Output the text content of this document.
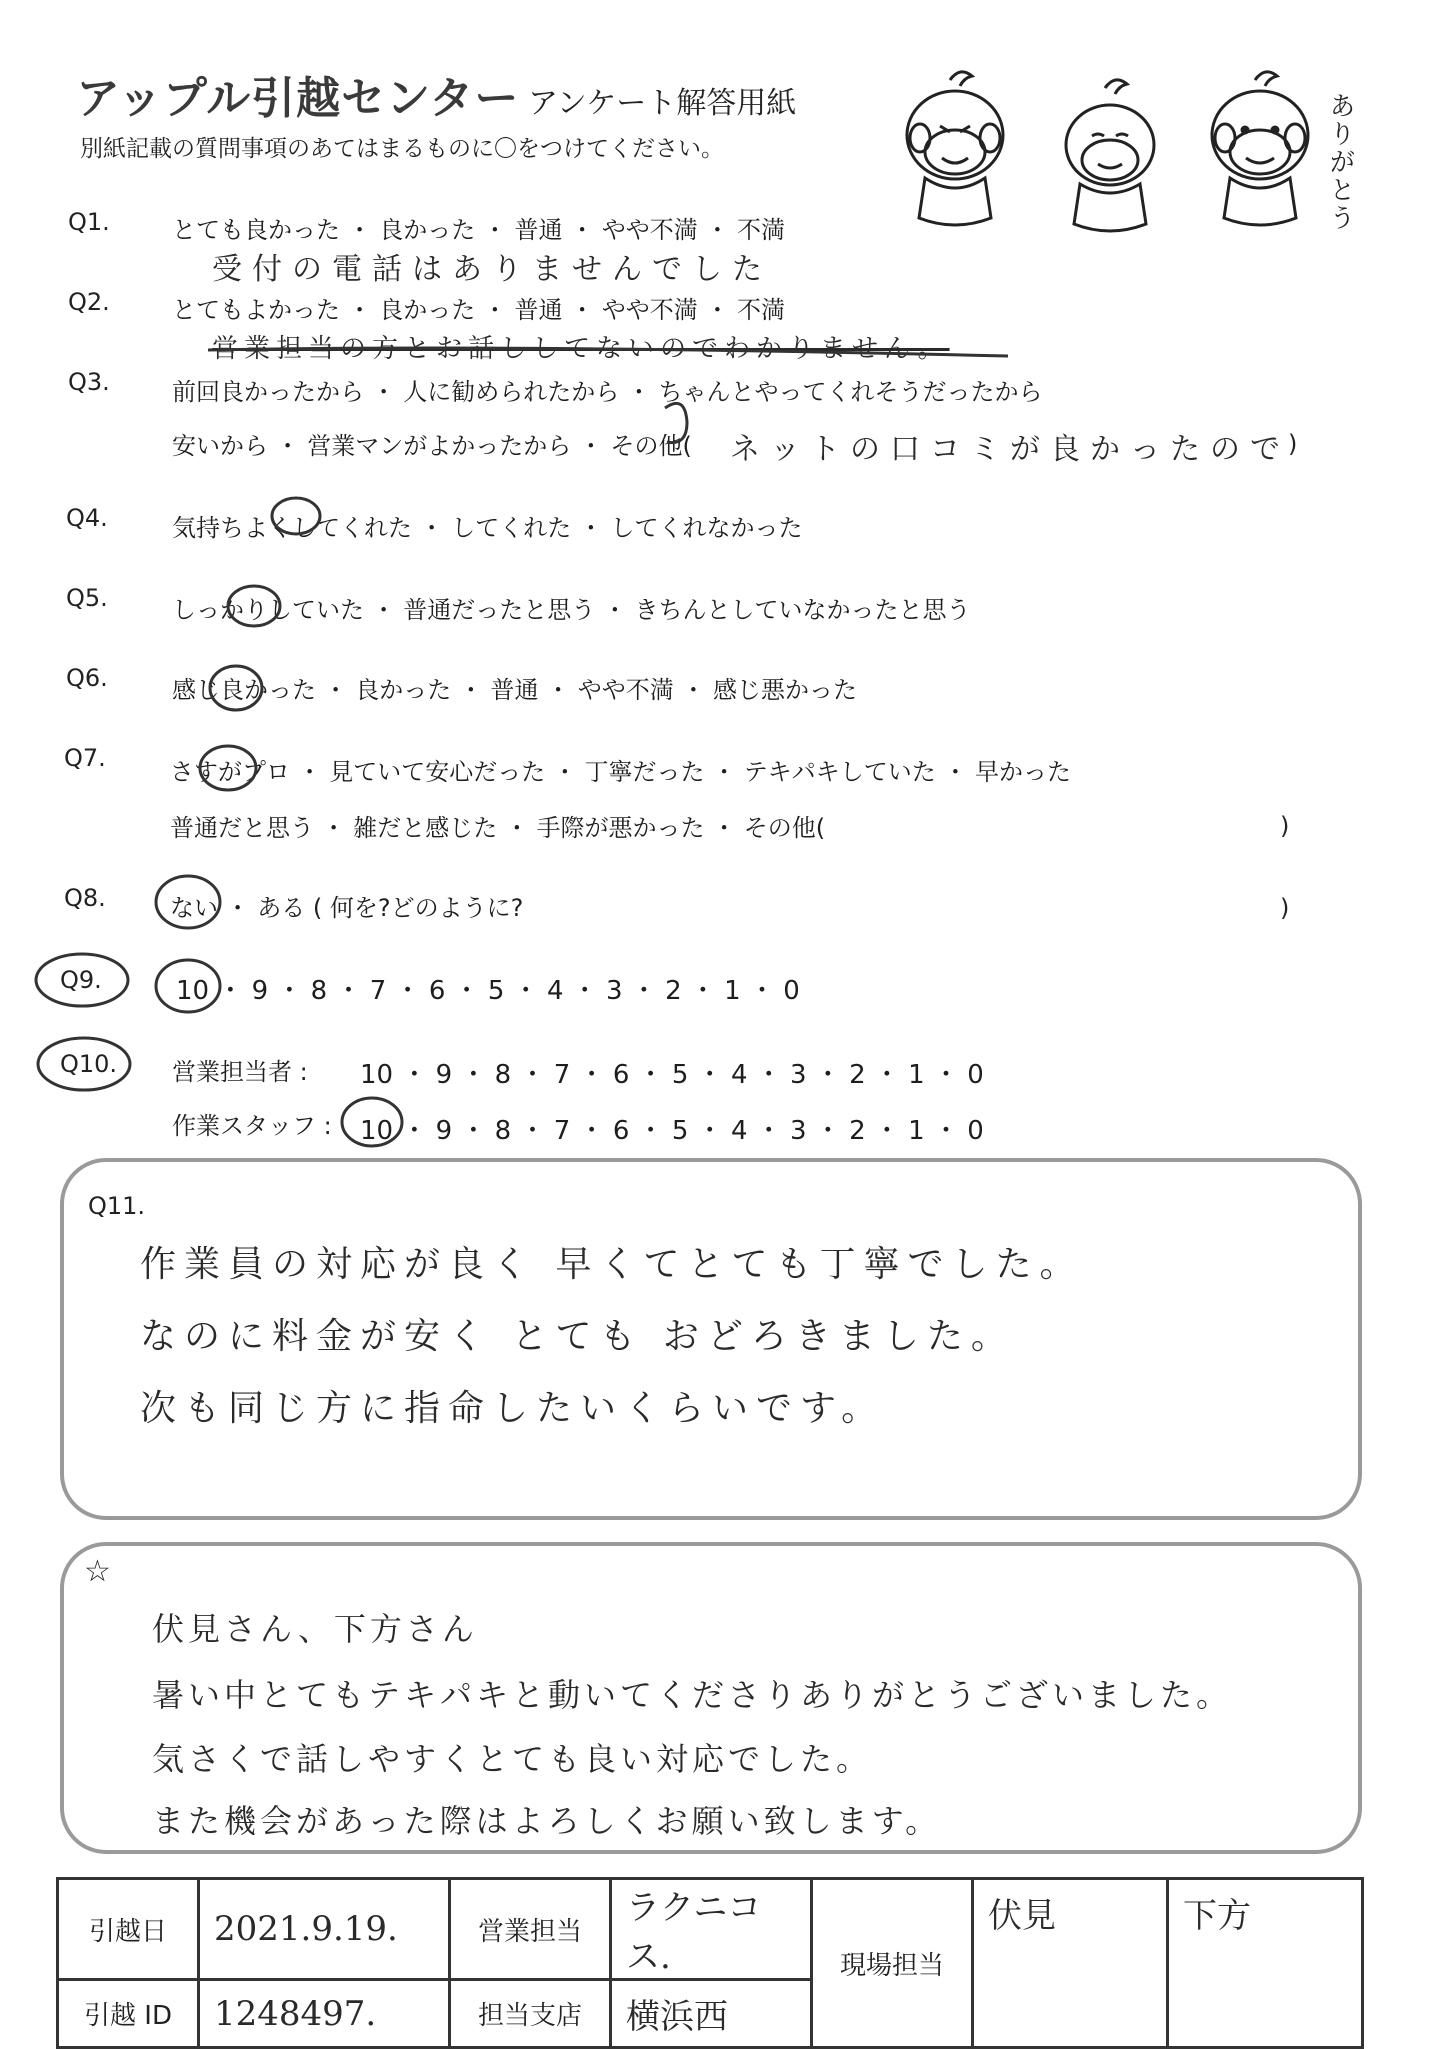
アップル引越センター アンケート解答用紙
別紙記載の質問事項のあてはまるものに〇をつけてください。	ありがとう
Q1.	とても良かった ・ 良かった ・ 普通 ・ やや不満 ・ 不満
受付の電話はありませんでした
Q2.	とてもよかった ・ 良かった ・ 普通 ・ やや不満 ・ 不満
営業担当の方とお話ししてないのでわかりません。
Q3.	前回良かったから ・ 人に勧められたから ・ ちゃんとやってくれそうだったから
安いから ・ 営業マンがよかったから ・ その他( ネットの口コミが良かったので
)
Q4.	気持ちよくしてくれた ・ してくれた ・ してくれなかった
Q5.	しっかりしていた ・ 普通だったと思う ・ きちんとしていなかったと思う
Q6.	感じ良かった ・ 良かった ・ 普通 ・ やや不満 ・ 感じ悪かった
Q7.	さすがプロ ・ 見ていて安心だった ・ 丁寧だった ・ テキパキしていた ・ 早かった
普通だと思う ・ 雑だと感じた ・ 手際が悪かった ・ その他(	)
Q8.	ない ・ ある ( 何を?どのように?	)
Q9.	10 ・ 9 ・ 8 ・ 7 ・ 6 ・ 5 ・ 4 ・ 3 ・ 2 ・ 1 ・ 0
Q10. 営業担当者 : 10 ・ 9 ・ 8 ・ 7 ・ 6 ・ 5 ・ 4 ・ 3 ・ 2 ・ 1 ・ 0
作業スタッフ : 10 ・ 9 ・ 8 ・ 7 ・ 6 ・ 5 ・ 4 ・ 3 ・ 2 ・ 1 ・ 0
Q11.
作業員の対応が良く 早くてとても丁寧でした。
なのに料金が安く とても おどろきました。
次も同じ方に指命したいくらいです。
☆
伏見さん、下方さん
暑い中とてもテキパキと動いてくださりありがとうございました。
気さくで話しやすくとても良い対応でした。
また機会があった際はよろしくお願い致します。
引越日	2021.9.19.	営業担当	ラクニコス.	現場担当	伏見	下方
引越 ID	1248497.	担当支店	横浜西			
